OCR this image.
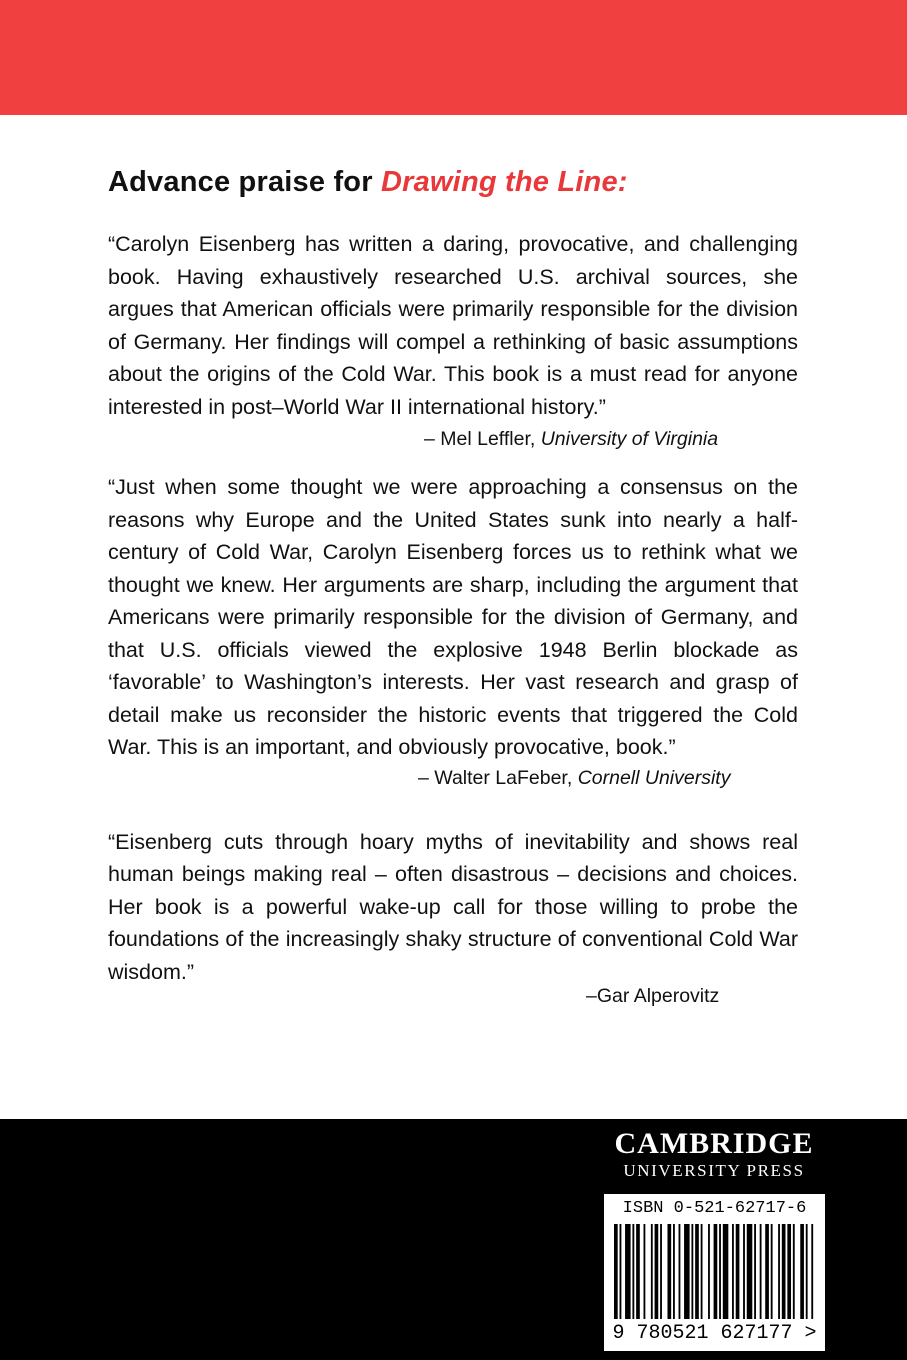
Advance praise for Drawing the Line:

“Carolyn Eisenberg has written a daring, provocative, and challenging book. Having exhaustively researched U.S. archival sources, she argues that American officials were primarily responsible for the division of Germany. Her findings will compel a rethinking of basic assumptions about the origins of the Cold War. This book is a must read for anyone interested in post–World War II international history.”

– Mel Leffler, University of Virginia

“Just when some thought we were approaching a consensus on the reasons why Europe and the United States sunk into nearly a half-century of Cold War, Carolyn Eisenberg forces us to rethink what we thought we knew. Her arguments are sharp, including the argument that Americans were primarily responsible for the division of Germany, and that U.S. officials viewed the explosive 1948 Berlin blockade as ‘favorable’ to Washington’s interests. Her vast research and grasp of detail make us reconsider the historic events that triggered the Cold War. This is an important, and obviously provocative, book.”

– Walter LaFeber, Cornell University

“Eisenberg cuts through hoary myths of inevitability and shows real human beings making real – often disastrous – decisions and choices. Her book is a powerful wake-up call for those willing to probe the foundations of the increasingly shaky structure of conventional Cold War wisdom.”

–Gar Alperovitz

CAMBRIDGE
UNIVERSITY PRESS
ISBN 0-521-62717-6
9 780521 627177 >
